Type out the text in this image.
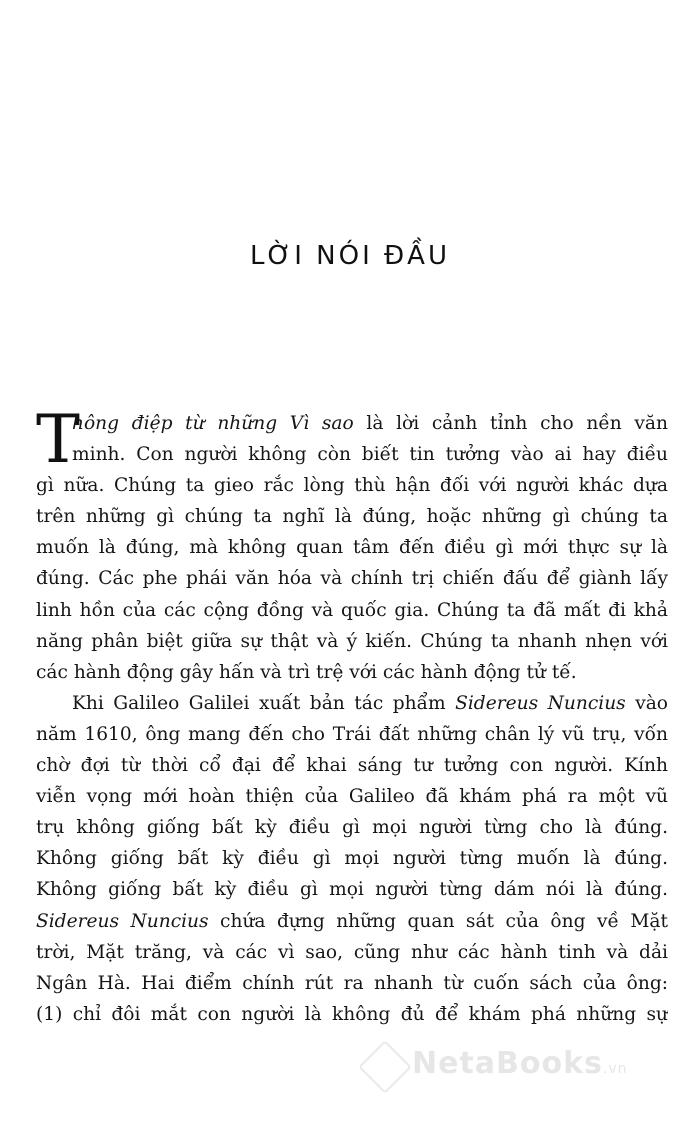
LỜI NÓI ĐẦU
T

hông điệp từ những Vì sao là lời cảnh tỉnh cho nền văn
minh. Con người không còn biết tin tưởng vào ai hay điều
gì nữa. Chúng ta gieo rắc lòng thù hận đối với người khác dựa
trên những gì chúng ta nghĩ là đúng, hoặc những gì chúng ta
muốn là đúng, mà không quan tâm đến điều gì mới thực sự là
đúng. Các phe phái văn hóa và chính trị chiến đấu để giành lấy
linh hồn của các cộng đồng và quốc gia. Chúng ta đã mất đi khả
năng phân biệt giữa sự thật và ý kiến. Chúng ta nhanh nhẹn với
các hành động gây hấn và trì trệ với các hành động tử tế.

Khi Galileo Galilei xuất bản tác phẩm Sidereus Nuncius vào
năm 1610, ông mang đến cho Trái đất những chân lý vũ trụ, vốn
chờ đợi từ thời cổ đại để khai sáng tư tưởng con người. Kính
viễn vọng mới hoàn thiện của Galileo đã khám phá ra một vũ
trụ không giống bất kỳ điều gì mọi người từng cho là đúng.
Không giống bất kỳ điều gì mọi người từng muốn là đúng.
Không giống bất kỳ điều gì mọi người từng dám nói là đúng.
Sidereus Nuncius chứa đựng những quan sát của ông về Mặt
trời, Mặt trăng, và các vì sao, cũng như các hành tinh và dải
Ngân Hà. Hai điểm chính rút ra nhanh từ cuốn sách của ông:
(1) chỉ đôi mắt con người là không đủ để khám phá những sự

NetaBooks.vn
